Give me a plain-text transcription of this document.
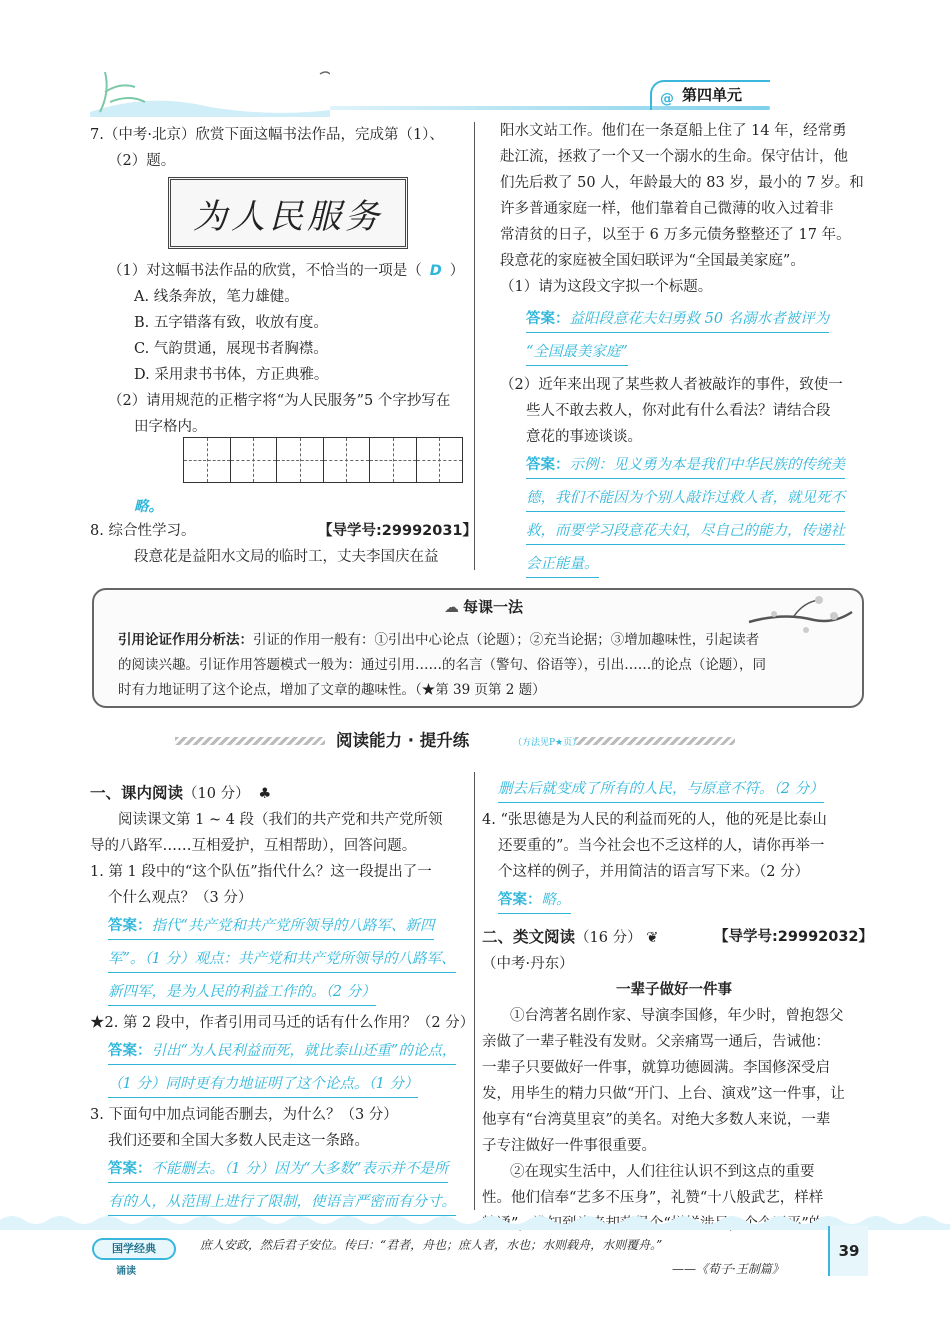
@ 第四单元
7.（中考·北京）欣赏下面这幅书法作品，完成第（1）、
（2）题。
为人民服务
（1）对这幅书法作品的欣赏，不恰当的一项是（ D ）
A. 线条奔放，笔力雄健。
B. 五字错落有致，收放有度。
C. 气韵贯通，展现书者胸襟。
D. 采用隶书书体，方正典雅。
（2）请用规范的正楷字将“为人民服务”5 个字抄写在
田字格内。
略。
8. 综合性学习。	【导学号:29992031】
段意花是益阳水文局的临时工，丈夫李国庆在益
阳水文站工作。他们在一条趸船上住了 14 年，经常勇
赴江流，拯救了一个又一个溺水的生命。保守估计，他
们先后救了 50 人，年龄最大的 83 岁，最小的 7 岁。和
许多普通家庭一样，他们靠着自己微薄的收入过着非
常清贫的日子，以至于 6 万多元债务整整还了 17 年。
段意花的家庭被全国妇联评为“全国最美家庭”。
（1）请为这段文字拟一个标题。
答案：益阳段意花夫妇勇救 50 名溺水者被评为
“全国最美家庭”
（2）近年来出现了某些救人者被敲诈的事件，致使一
些人不敢去救人，你对此有什么看法？请结合段
意花的事迹谈谈。
答案：示例：见义勇为本是我们中华民族的传统美
德，我们不能因为个别人敲诈过救人者，就见死不
救，而要学习段意花夫妇，尽自己的能力，传递社
会正能量。
☁ 每课一法
引用论证作用分析法：引证的作用一般有：①引出中心论点（论题）；②充当论据；③增加趣味性，引起读者
的阅读兴趣。引证作用答题模式一般为：通过引用……的名言（警句、俗语等），引出……的论点（论题），同
时有力地证明了这个论点，增加了文章的趣味性。（★第 39 页第 2 题）
阅读能力 · 提升练	（方法见P★页）
一、课内阅读（10 分） ♣
阅读课文第 1 ~ 4 段（我们的共产党和共产党所领
导的八路军……互相爱护，互相帮助），回答问题。
1. 第 1 段中的“这个队伍”指代什么？这一段提出了一
个什么观点？（3 分）
答案：指代“共产党和共产党所领导的八路军、新四
军”。（1 分）观点：共产党和共产党所领导的八路军、
新四军，是为人民的利益工作的。（2 分）
★2. 第 2 段中，作者引用司马迁的话有什么作用？（2 分）
答案：引出“为人民利益而死，就比泰山还重”的论点，
（1 分）同时更有力地证明了这个论点。（1 分）
3. 下面句中加点词能否删去，为什么？（3 分）
我们还要和全国大多数人民走这一条路。
答案：不能删去。（1 分）因为“大多数”表示并不是所
有的人，从范围上进行了限制，使语言严密而有分寸。
删去后就变成了所有的人民，与原意不符。（2 分）
4. “张思德是为人民的利益而死的人，他的死是比泰山
还要重的”。当今社会也不乏这样的人，请你再举一
个这样的例子，并用简洁的语言写下来。（2 分）
答案：略。
二、类文阅读（16 分） ❦	【导学号:29992032】
（中考·丹东）
一辈子做好一件事
①台湾著名剧作家、导演李国修，年少时，曾抱怨父
亲做了一辈子鞋没有发财。父亲痛骂一通后，告诫他：
一辈子只要做好一件事，就算功德圆满。李国修深受启
发，用毕生的精力只做“开门、上台、演戏”这一件事，让
他享有“台湾莫里哀”的美名。对绝大多数人来说，一辈
子专注做好一件事很重要。
②在现实生活中，人们往往认识不到这点的重要
性。他们信奉“艺多不压身”，礼赞“十八般武艺，样样
国学经典
诵读
庶人安政，然后君子安位。传曰：“君者，舟也；庶人者，水也；水则载舟，水则覆舟。”
——《荀子·王制篇》
39
